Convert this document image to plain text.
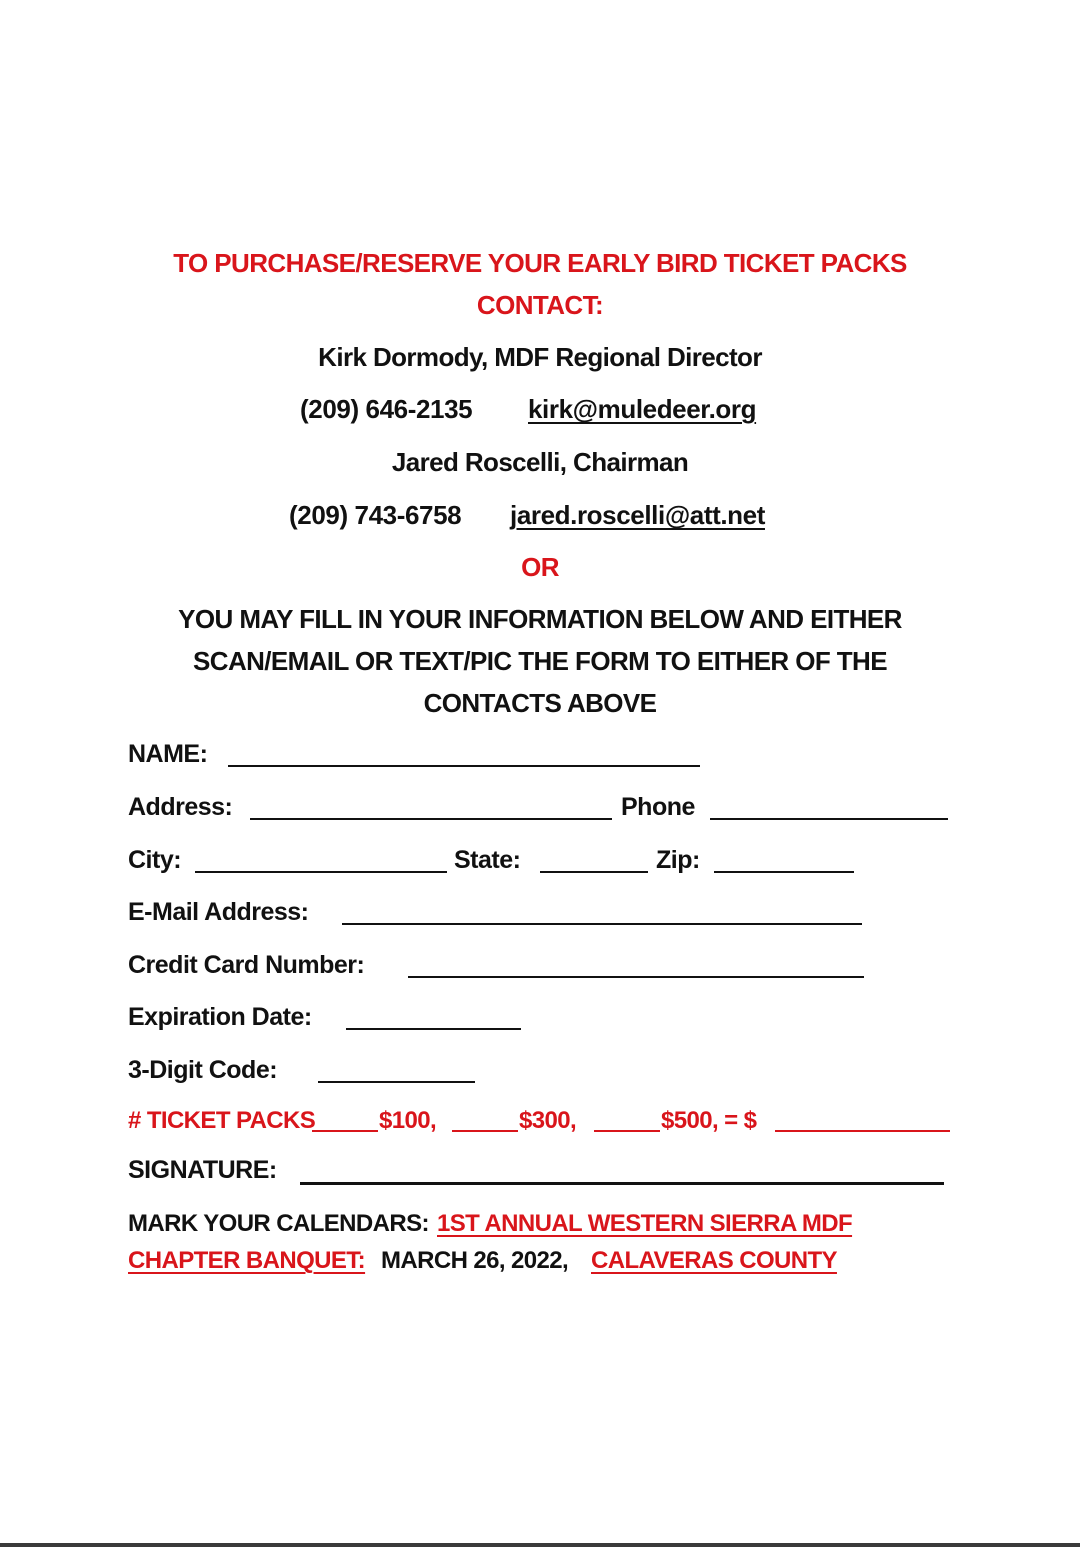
TO PURCHASE/RESERVE YOUR EARLY BIRD TICKET PACKS
CONTACT:
Kirk Dormody, MDF Regional Director
(209) 646-2135 kirk@muledeer.org
Jared Roscelli, Chairman
(209) 743-6758 jared.roscelli@att.net
OR
YOU MAY FILL IN YOUR INFORMATION BELOW AND EITHER
SCAN/EMAIL OR TEXT/PIC THE FORM TO EITHER OF THE
CONTACTS ABOVE
NAME:
Address:	Phone
City:	State:	Zip:
E-Mail Address:
Credit Card Number:
Expiration Date:
3-Digit Code:
# TICKET PACKS	$100,	$300,	$500, = $
SIGNATURE:
MARK YOUR CALENDARS: 1ST ANNUAL WESTERN SIERRA MDF
CHAPTER BANQUET: MARCH 26, 2022, CALAVERAS COUNTY
